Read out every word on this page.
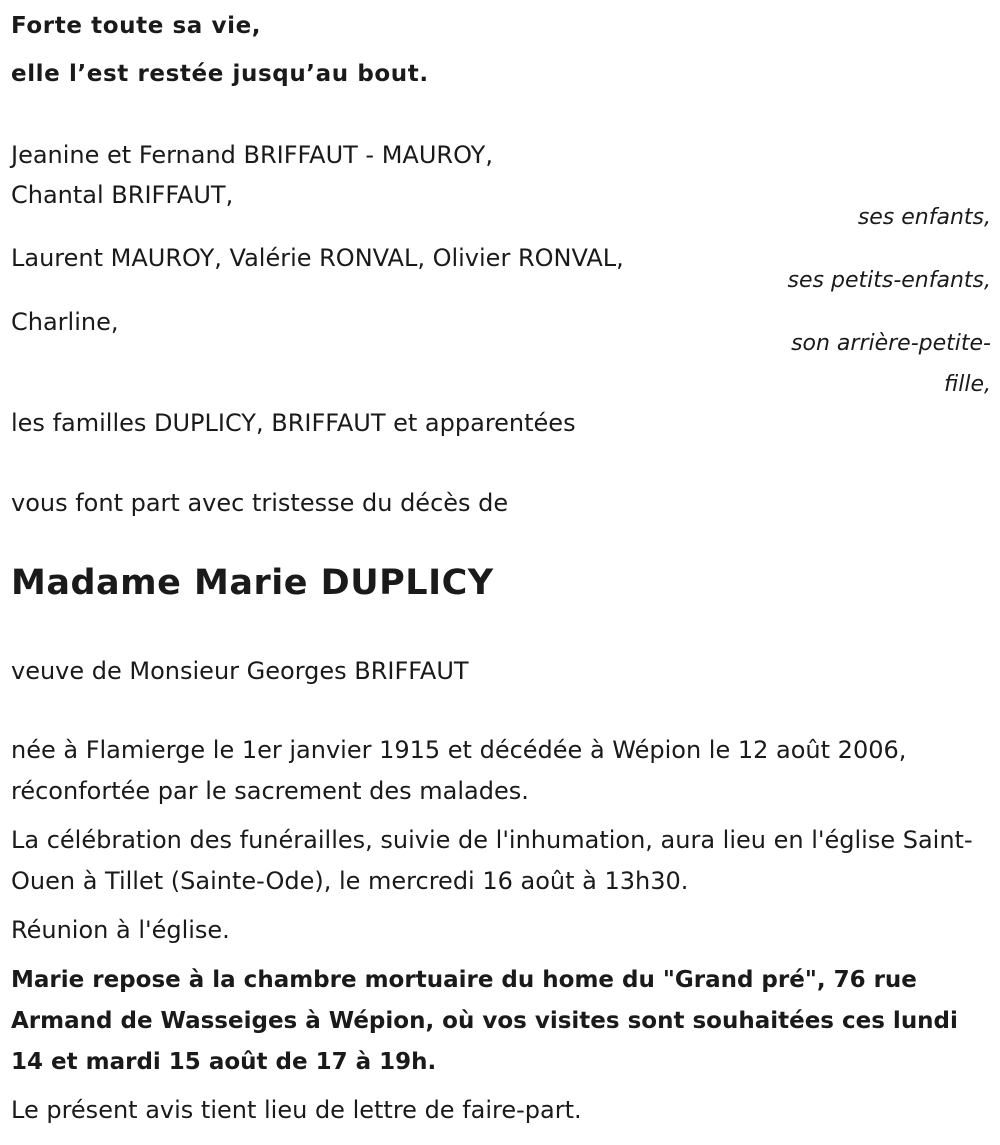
Forte toute sa vie,
elle l’est restée jusqu’au bout.
Jeanine et Fernand BRIFFAUT - MAUROY,
Chantal BRIFFAUT,
ses enfants,
Laurent MAUROY, Valérie RONVAL, Olivier RONVAL,
ses petits-enfants,
Charline,
son arrière-petite-
fille,
les familles DUPLICY, BRIFFAUT et apparentées
vous font part avec tristesse du décès de
Madame Marie DUPLICY
veuve de Monsieur Georges BRIFFAUT
née à Flamierge le 1er janvier 1915 et décédée à Wépion le 12 août 2006, réconfortée par le sacrement des malades.
La célébration des funérailles, suivie de l'inhumation, aura lieu en l'église Saint-Ouen à Tillet (Sainte-Ode), le mercredi 16 août à 13h30.
Réunion à l'église.
Marie repose à la chambre mortuaire du home du "Grand pré", 76 rue Armand de Wasseiges à Wépion, où vos visites sont souhaitées ces lundi 14 et mardi 15 août de 17 à 19h.
Le présent avis tient lieu de lettre de faire-part.
